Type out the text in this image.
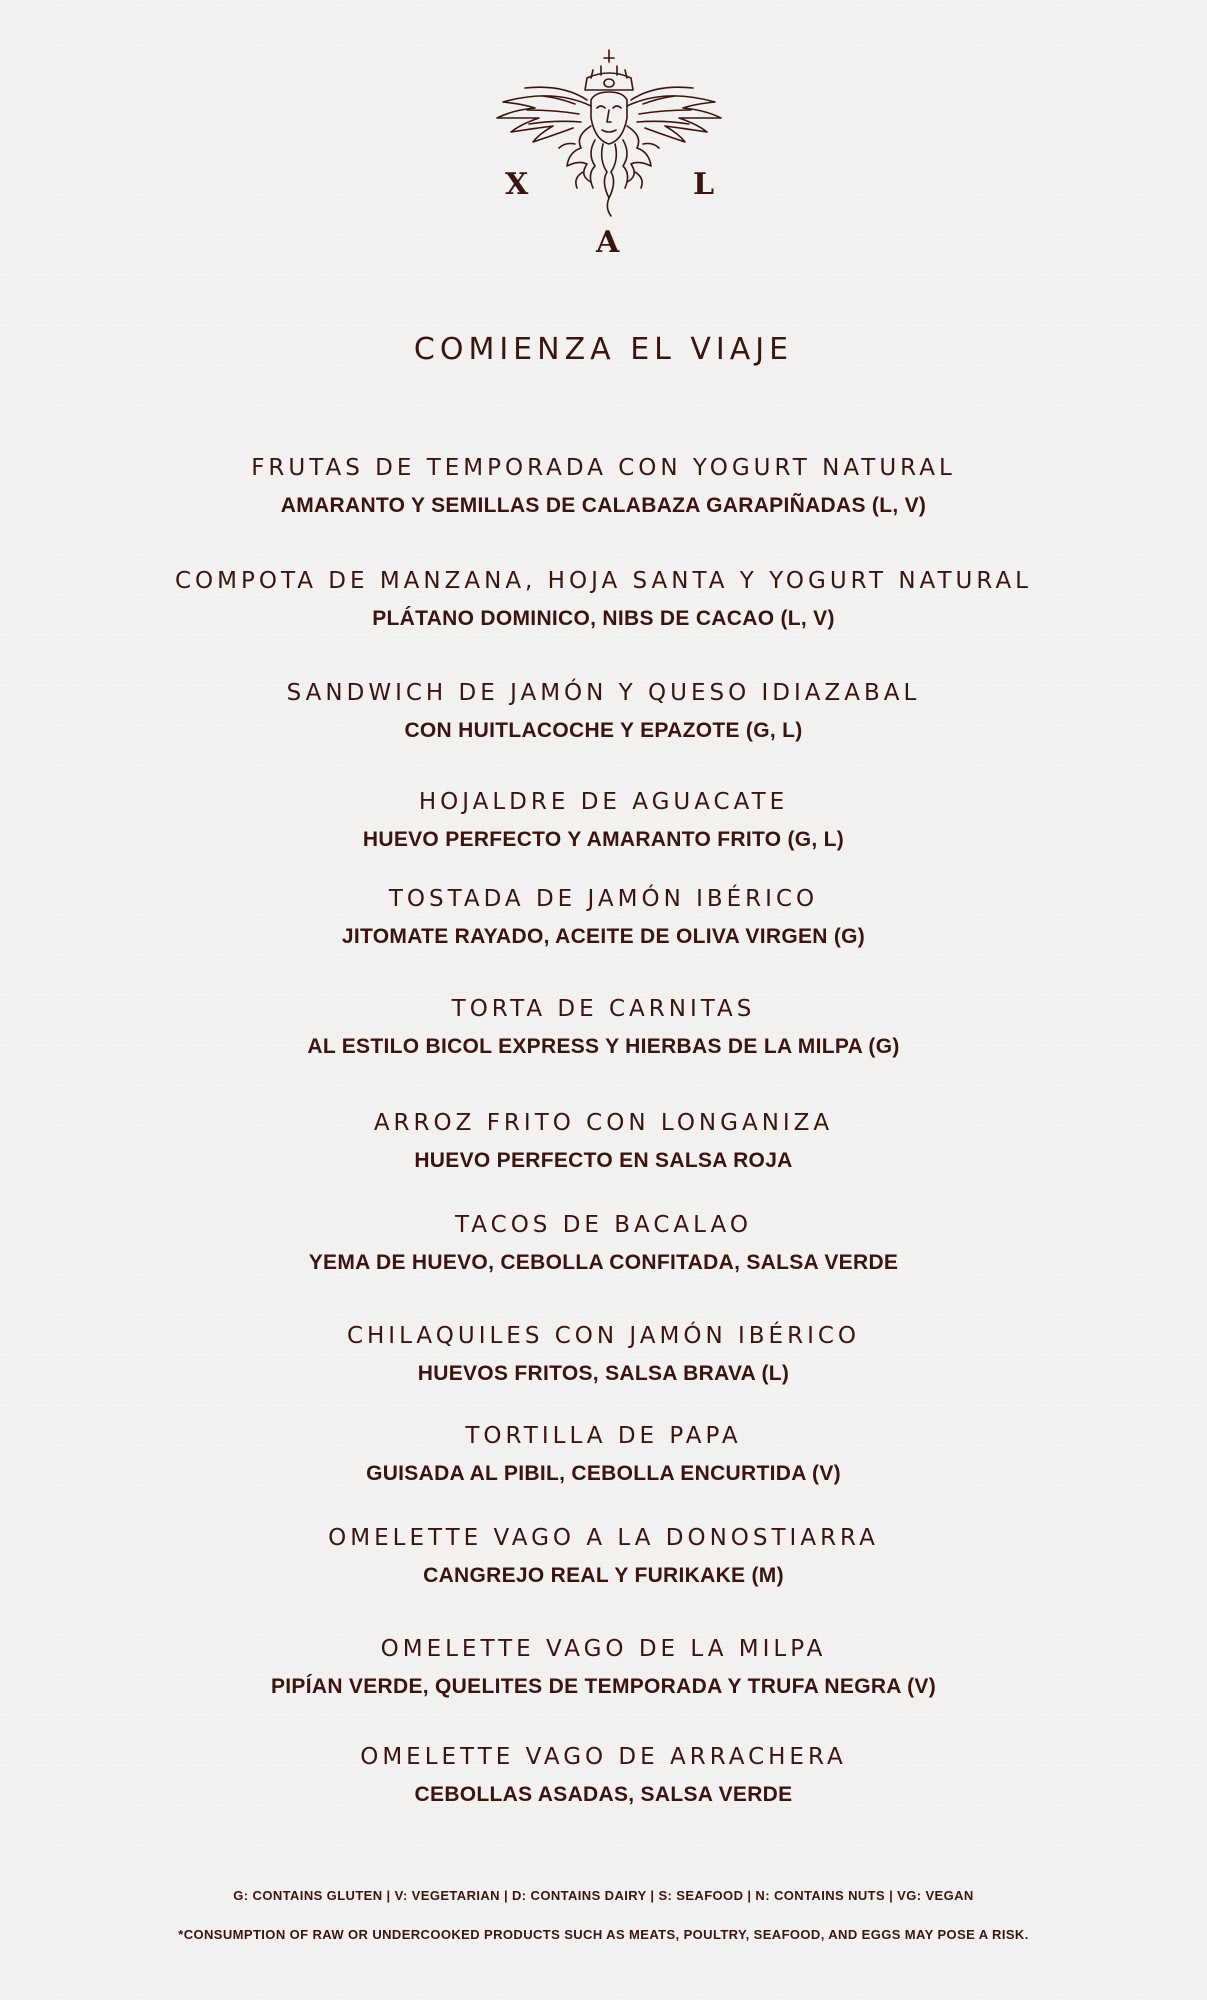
X	L
A
COMIENZA EL VIAJE
FRUTAS DE TEMPORADA CON YOGURT NATURAL
AMARANTO Y SEMILLAS DE CALABAZA GARAPIÑADAS (L, V)
COMPOTA DE MANZANA, HOJA SANTA Y YOGURT NATURAL
PLÁTANO DOMINICO, NIBS DE CACAO (L, V)
SANDWICH DE JAMÓN Y QUESO IDIAZABAL
CON HUITLACOCHE Y EPAZOTE (G, L)
HOJALDRE DE AGUACATE
HUEVO PERFECTO Y AMARANTO FRITO (G, L)
TOSTADA DE JAMÓN IBÉRICO
JITOMATE RAYADO, ACEITE DE OLIVA VIRGEN (G)
TORTA DE CARNITAS
AL ESTILO BICOL EXPRESS Y HIERBAS DE LA MILPA (G)
ARROZ FRITO CON LONGANIZA
HUEVO PERFECTO EN SALSA ROJA
TACOS DE BACALAO
YEMA DE HUEVO, CEBOLLA CONFITADA, SALSA VERDE
CHILAQUILES CON JAMÓN IBÉRICO
HUEVOS FRITOS, SALSA BRAVA (L)
TORTILLA DE PAPA
GUISADA AL PIBIL, CEBOLLA ENCURTIDA (V)
OMELETTE VAGO A LA DONOSTIARRA
CANGREJO REAL Y FURIKAKE (M)
OMELETTE VAGO DE LA MILPA
PIPÍAN VERDE, QUELITES DE TEMPORADA Y TRUFA NEGRA (V)
OMELETTE VAGO DE ARRACHERA
CEBOLLAS ASADAS, SALSA VERDE
G: CONTAINS GLUTEN | V: VEGETARIAN | D: CONTAINS DAIRY | S: SEAFOOD | N: CONTAINS NUTS | VG: VEGAN
*CONSUMPTION OF RAW OR UNDERCOOKED PRODUCTS SUCH AS MEATS, POULTRY, SEAFOOD, AND EGGS MAY POSE A RISK.
